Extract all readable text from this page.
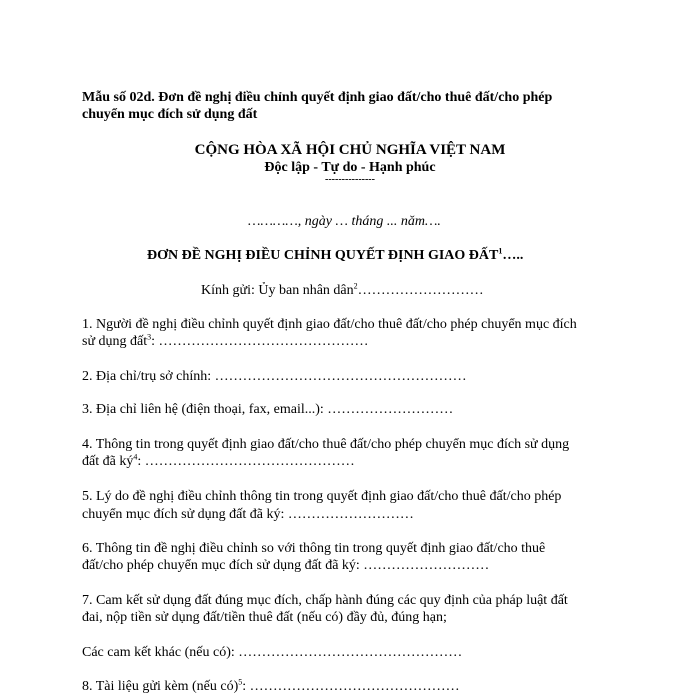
Mẫu số 02d. Đơn đề nghị điều chỉnh quyết định giao đất/cho thuê đất/cho phép
chuyển mục đích sử dụng đất
CỘNG HÒA XÃ HỘI CHỦ NGHĨA VIỆT NAM
Độc lập - Tự do - Hạnh phúc
---------------
…………, ngày … tháng ... năm….
ĐƠN ĐỀ NGHỊ ĐIỀU CHỈNH QUYẾT ĐỊNH GIAO ĐẤT$^1$…..
Kính gửi: Ủy ban nhân dân$^2$………………………
1. Người đề nghị điều chỉnh quyết định giao đất/cho thuê đất/cho phép chuyển mục đích
sử dụng đất$^3$: ………………………………………
2. Địa chỉ/trụ sở chính: ………………………………………………
3. Địa chỉ liên hệ (điện thoại, fax, email...): ………………………
4. Thông tin trong quyết định giao đất/cho thuê đất/cho phép chuyển mục đích sử dụng
đất đã $ký^4$: ………………………………………
5. Lý do đề nghị điều chỉnh thông tin trong quyết định giao đất/cho thuê đất/cho phép
chuyển mục đích sử dụng đất đã ký: ………………………
6. Thông tin đề nghị điều chỉnh so với thông tin trong quyết định giao đất/cho thuê
đất/cho phép chuyển mục đích sử dụng đất đã ký: ………………………
7. Cam kết sử dụng đất đúng mục đích, chấp hành đúng các quy định của pháp luật đất
đai, nộp tiền sử dụng đất/tiền thuê đất (nếu có) đầy đủ, đúng hạn;
Các cam kết khác (nếu có): …………………………………………
8. Tài liệu gửi kèm (nếu có)$^5$: ………………………………………
